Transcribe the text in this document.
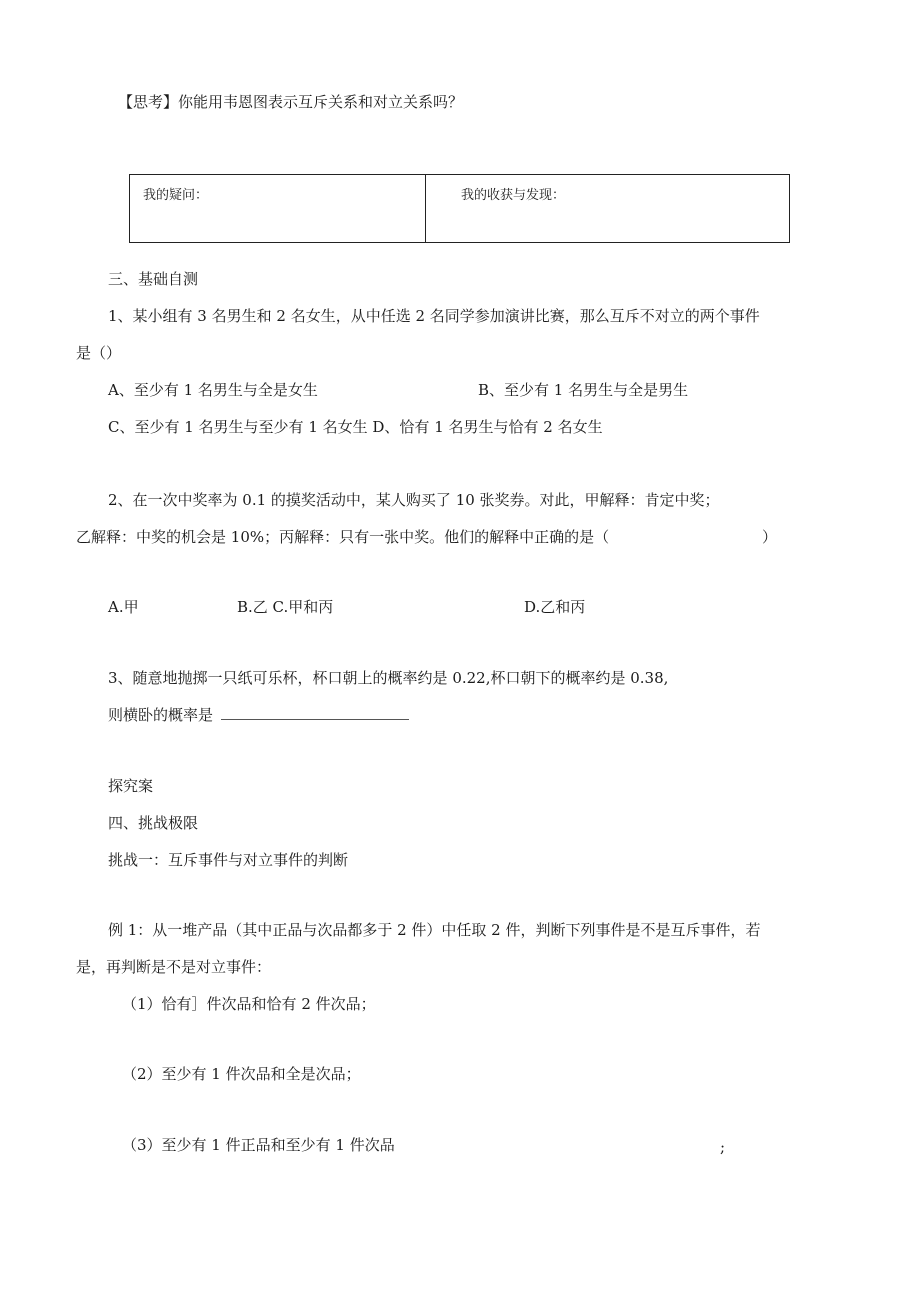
【思考】你能用韦恩图表示互斥关系和对立关系吗？
我的疑问：	我的收获与发现：
三、基础自测
1、某小组有 3 名男生和 2 名女生，从中任选 2 名同学参加演讲比赛，那么互斥不对立的两个事件
是（）
A、至少有 1 名男生与全是女生	B、至少有 1 名男生与全是男生
C、至少有 1 名男生与至少有 1 名女生 D、恰有 1 名男生与恰有 2 名女生
2、在一次中奖率为 0.1 的摸奖活动中，某人购买了 10 张奖券。对此，甲解释：肯定中奖；
乙解释：中奖的机会是 10%；丙解释：只有一张中奖。他们的解释中正确的是（	）
A.甲	B.乙 C.甲和丙	D.乙和丙
3、随意地抛掷一只纸可乐杯，杯口朝上的概率约是 0.22,杯口朝下的概率约是 0.38,
则横卧的概率是
探究案
四、挑战极限
挑战一：互斥事件与对立事件的判断
例 1：从一堆产品（其中正品与次品都多于 2 件）中任取 2 件，判断下列事件是不是互斥事件，若
是，再判断是不是对立事件：
（1）恰有］件次品和恰有 2 件次品；
（2）至少有 1 件次品和全是次品；
（3）至少有 1 件正品和至少有 1 件次品	;
